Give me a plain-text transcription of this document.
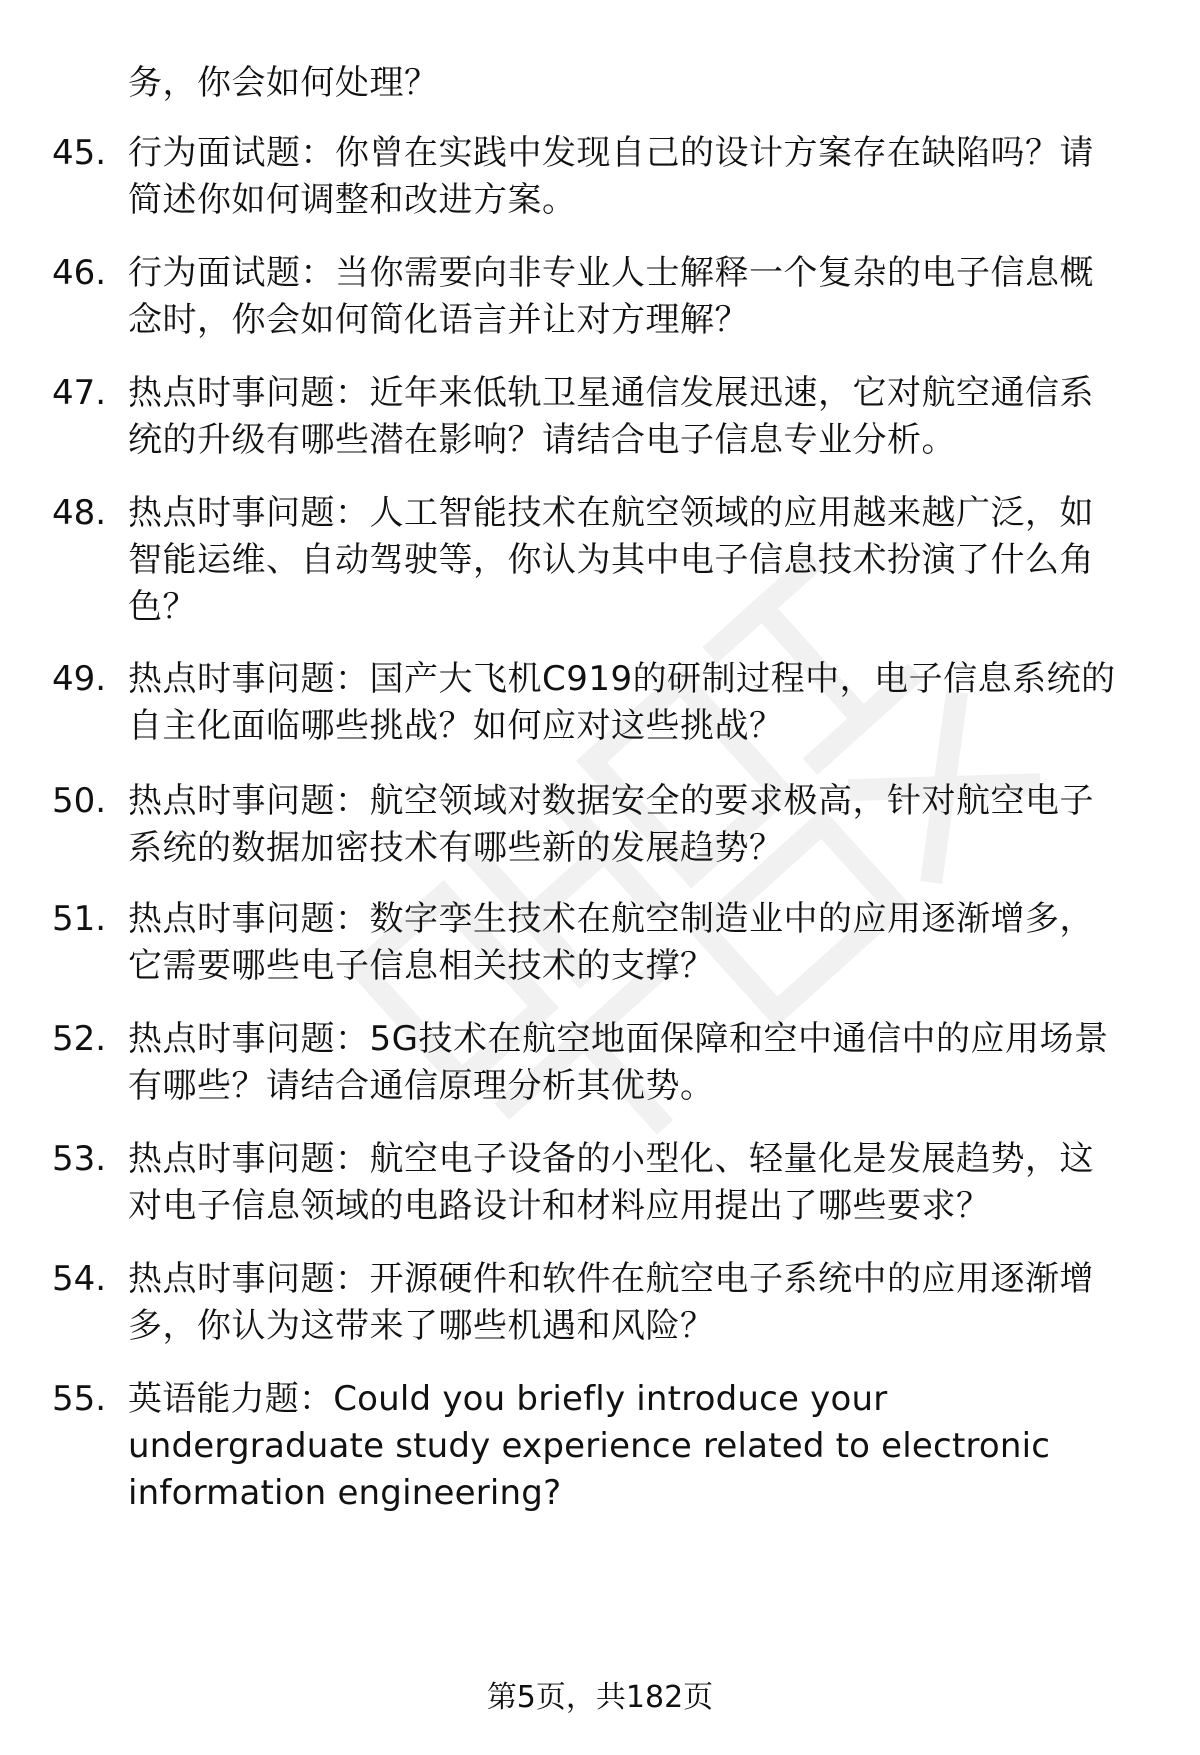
务，你会如何处理？
45. 行为面试题：你曾在实践中发现自己的设计方案存在缺陷吗？请
简述你如何调整和改进方案。
46. 行为面试题：当你需要向非专业人士解释一个复杂的电子信息概
念时，你会如何简化语言并让对方理解？
47. 热点时事问题：近年来低轨卫星通信发展迅速，它对航空通信系
统的升级有哪些潜在影响？请结合电子信息专业分析。
48. 热点时事问题：人工智能技术在航空领域的应用越来越广泛，如
智能运维、自动驾驶等，你认为其中电子信息技术扮演了什么角
色？
49. 热点时事问题：国产大飞机C919的研制过程中，电子信息系统的
自主化面临哪些挑战？如何应对这些挑战？
50. 热点时事问题：航空领域对数据安全的要求极高，针对航空电子
系统的数据加密技术有哪些新的发展趋势？
51. 热点时事问题：数字孪生技术在航空制造业中的应用逐渐增多，
它需要哪些电子信息相关技术的支撑？
52. 热点时事问题：5G技术在航空地面保障和空中通信中的应用场景
有哪些？请结合通信原理分析其优势。
53. 热点时事问题：航空电子设备的小型化、轻量化是发展趋势，这
对电子信息领域的电路设计和材料应用提出了哪些要求？
54. 热点时事问题：开源硬件和软件在航空电子系统中的应用逐渐增
多，你认为这带来了哪些机遇和风险？
55. 英语能力题：Could you briefly introduce your
undergraduate study experience related to electronic
information engineering?
第5页，共182页
